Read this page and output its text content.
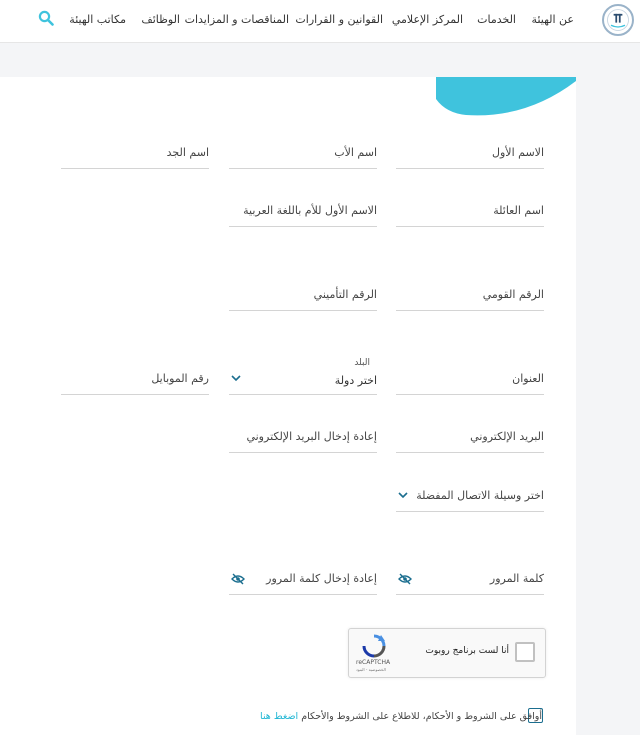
عن الهيئة
الخدمات
المركز الإعلامي
القوانين و القرارات
المناقصات و المزايدات
الوظائف
مكاتب الهيئة
الاسم الأول
اسم الأب
اسم الجد
اسم العائلة
الاسم الأول للأم باللغة العربية
الرقم القومي
الرقم التأميني
العنوان
البلد
اختر دولة
رقم الموبايل
البريد الإلكتروني
إعادة إدخال البريد الإلكتروني
اختر وسيلة الاتصال المفضلة
كلمة المرور
إعادة إدخال كلمة المرور
أنا لست برنامج روبوت
reCAPTCHA
الخصوصية - البنود
أوافق على الشروط و الأحكام، للاطلاع على الشروط والأحكام اضغط هنا
